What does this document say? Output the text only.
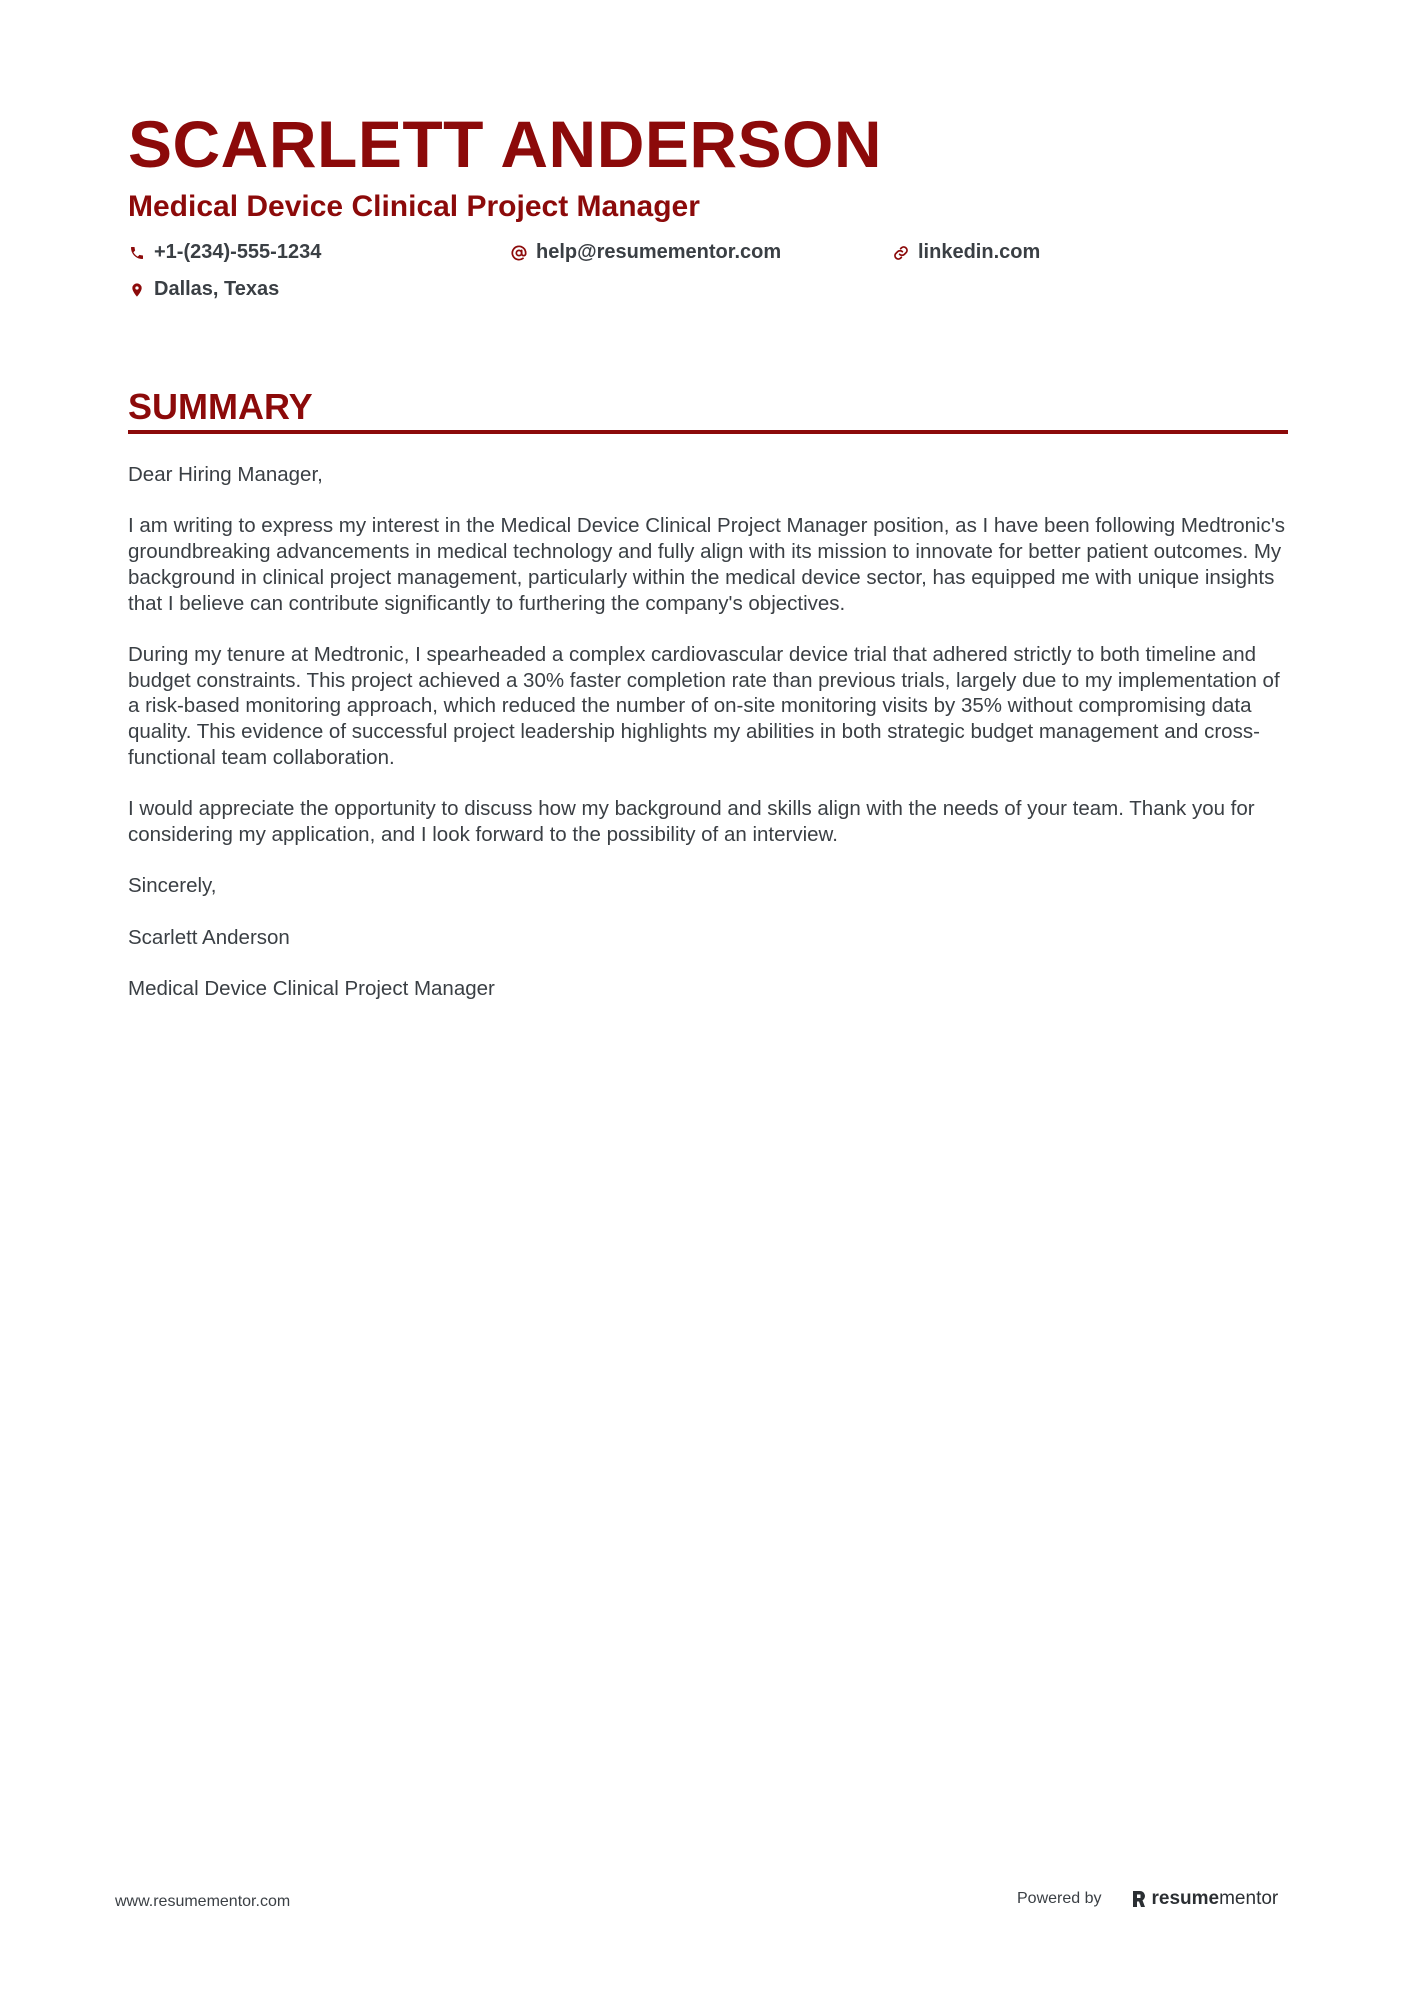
SCARLETT ANDERSON
Medical Device Clinical Project Manager
+1-(234)-555-1234	help@resumementor.com	linkedin.com
Dallas, Texas
SUMMARY

Dear Hiring Manager,

I am writing to express my interest in the Medical Device Clinical Project Manager position, as I have been following Medtronic's groundbreaking advancements in medical technology and fully align with its mission to innovate for better patient outcomes. My background in clinical project management, particularly within the medical device sector, has equipped me with unique insights that I believe can contribute significantly to furthering the company's objectives.

During my tenure at Medtronic, I spearheaded a complex cardiovascular device trial that adhered strictly to both timeline and budget constraints. This project achieved a 30% faster completion rate than previous trials, largely due to my implementation of a risk-based monitoring approach, which reduced the number of on-site monitoring visits by 35% without compromising data quality. This evidence of successful project leadership highlights my abilities in both strategic budget management and cross-functional team collaboration.

I would appreciate the opportunity to discuss how my background and skills align with the needs of your team. Thank you for considering my application, and I look forward to the possibility of an interview.

Sincerely,

Scarlett Anderson

Medical Device Clinical Project Manager

www.resumementor.com	Powered by	resume mentor
